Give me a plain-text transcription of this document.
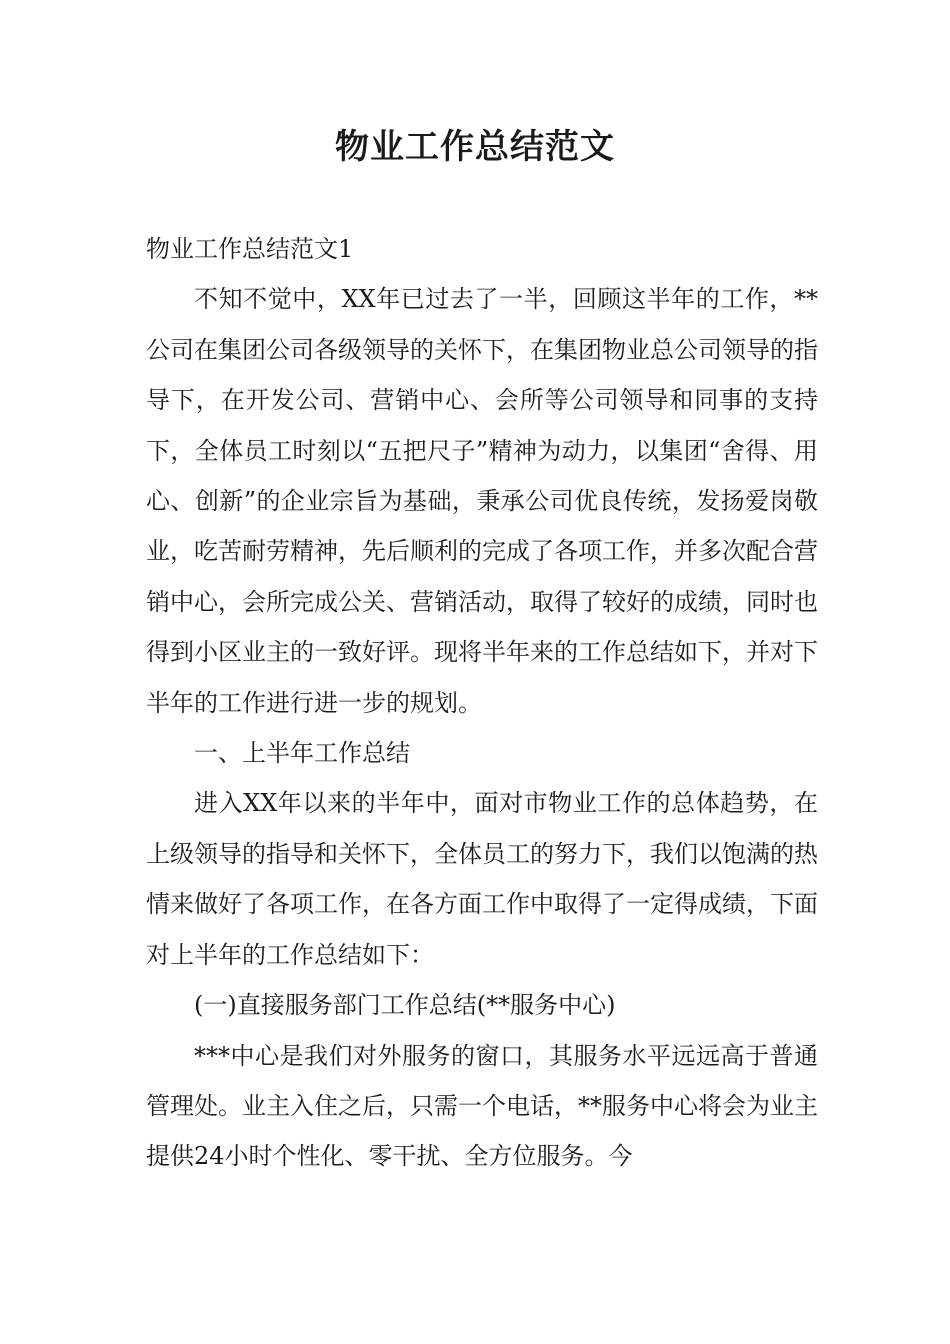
物业工作总结范文

物业工作总结范文1

不知不觉中，XX年已过去了一半，回顾这半年的工作，**公司在集团公司各级领导的关怀下，在集团物业总公司领导的指导下，在开发公司、营销中心、会所等公司领导和同事的支持下，全体员工时刻以“五把尺子”精神为动力，以集团“舍得、用心、创新”的企业宗旨为基础，秉承公司优良传统，发扬爱岗敬业，吃苦耐劳精神，先后顺利的完成了各项工作，并多次配合营销中心，会所完成公关、营销活动，取得了较好的成绩，同时也得到小区业主的一致好评。现将半年来的工作总结如下，并对下半年的工作进行进一步的规划。

一、上半年工作总结

进入XX年以来的半年中，面对市物业工作的总体趋势，在上级领导的指导和关怀下，全体员工的努力下，我们以饱满的热情来做好了各项工作，在各方面工作中取得了一定得成绩，下面对上半年的工作总结如下：

(一)直接服务部门工作总结(**服务中心)

***中心是我们对外服务的窗口，其服务水平远远高于普通管理处。业主入住之后，只需一个电话，**服务中心将会为业主提供24小时个性化、零干扰、全方位服务。今
